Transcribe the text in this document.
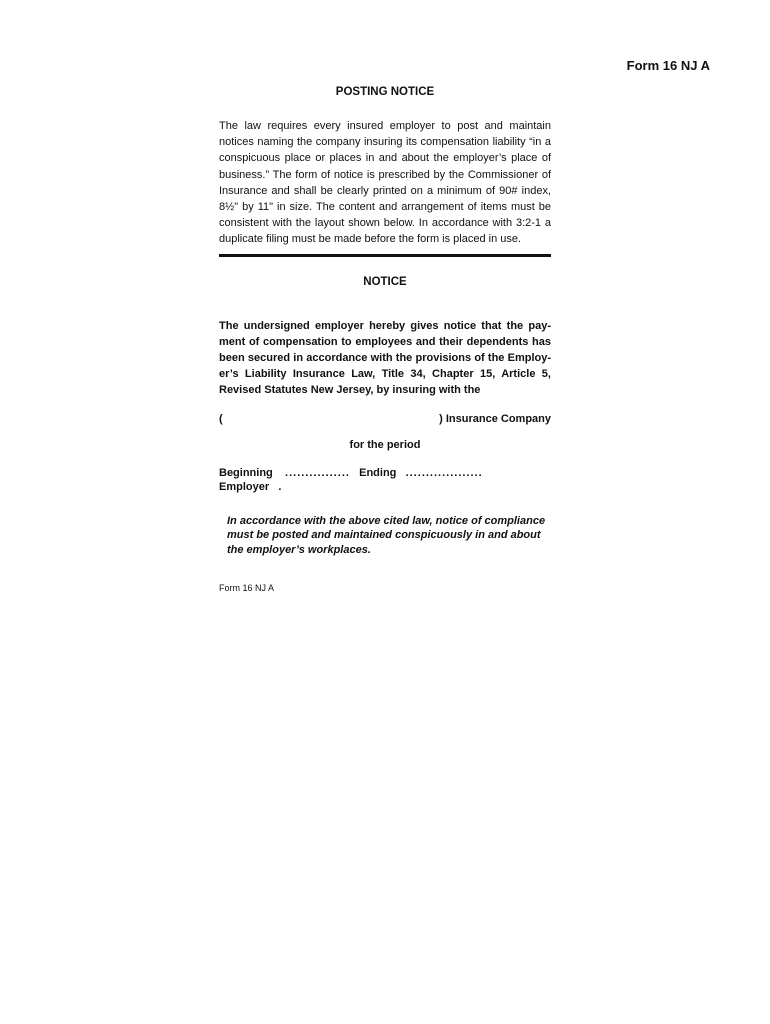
Form 16 NJ A

POSTING NOTICE

The law requires every insured employer to post and maintain notices naming the company insuring its compensation liability “in a conspicuous place or places in and about the employer’s place of business.” The form of notice is prescribed by the Commissioner of Insurance and shall be clearly printed on a minimum of 90# index, 8½" by 11" in size. The content and arrangement of items must be consistent with the layout shown below. In accordance with 3:2-1 a duplicate filing must be made before the form is placed in use.

NOTICE

The undersigned employer hereby gives notice that the pay-ment of compensation to employees and their dependents has been secured in accordance with the provisions of the Employ-er’s Liability Insurance Law, Title 34, Chapter 15, Article 5, Revised Statutes New Jersey, by insuring with the

(	) Insurance Company
for the period
Beginning ................ Ending ...................
Employer .

In accordance with the above cited law, notice of compliance must be posted and maintained conspicuously in and about the employer’s workplaces.

Form 16 NJ A
